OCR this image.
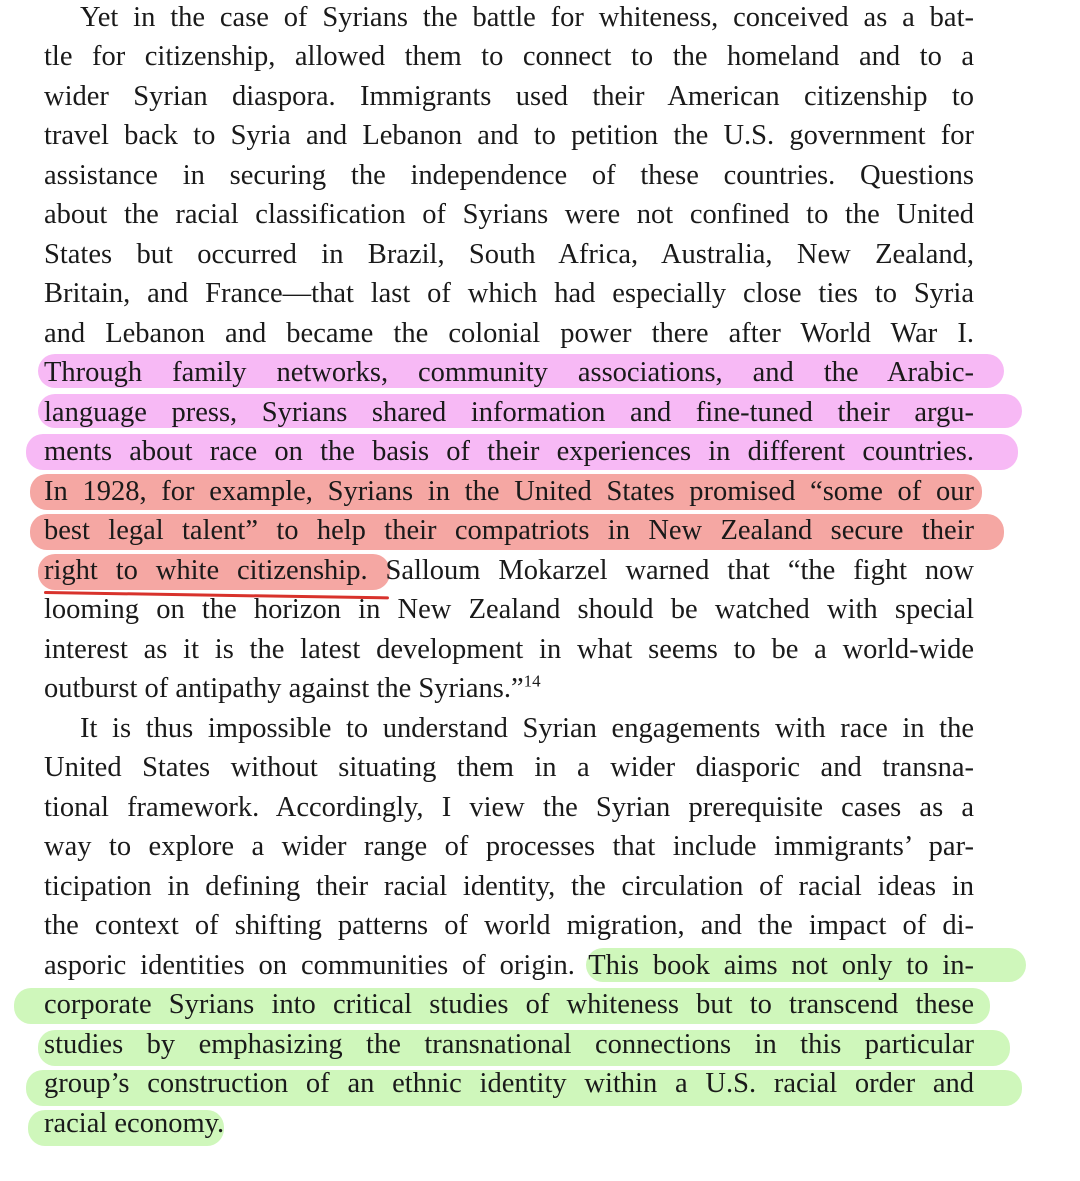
Yet in the case of Syrians the battle for whiteness, conceived as a bat-
tle for citizenship, allowed them to connect to the homeland and to a
wider Syrian diaspora. Immigrants used their American citizenship to
travel back to Syria and Lebanon and to petition the U.S. government for
assistance in securing the independence of these countries. Questions
about the racial classification of Syrians were not confined to the United
States but occurred in Brazil, South Africa, Australia, New Zealand,
Britain, and France—that last of which had especially close ties to Syria
and Lebanon and became the colonial power there after World War I.
Through family networks, community associations, and the Arabic-
language press, Syrians shared information and fine-tuned their argu-
ments about race on the basis of their experiences in different countries.
In 1928, for example, Syrians in the United States promised “some of our
best legal talent” to help their compatriots in New Zealand secure their
right to white citizenship. Salloum Mokarzel warned that “the fight now
looming on the horizon in New Zealand should be watched with special
interest as it is the latest development in what seems to be a world-wide
outburst of antipathy against the Syrians.”$^{14}$
It is thus impossible to understand Syrian engagements with race in the
United States without situating them in a wider diasporic and transna-
tional framework. Accordingly, I view the Syrian prerequisite cases as a
way to explore a wider range of processes that include immigrants’ par-
ticipation in defining their racial identity, the circulation of racial ideas in
the context of shifting patterns of world migration, and the impact of di-
asporic identities on communities of origin. This book aims not only to in-
corporate Syrians into critical studies of whiteness but to transcend these
studies by emphasizing the transnational connections in this particular
group’s construction of an ethnic identity within a U.S. racial order and
racial economy.
